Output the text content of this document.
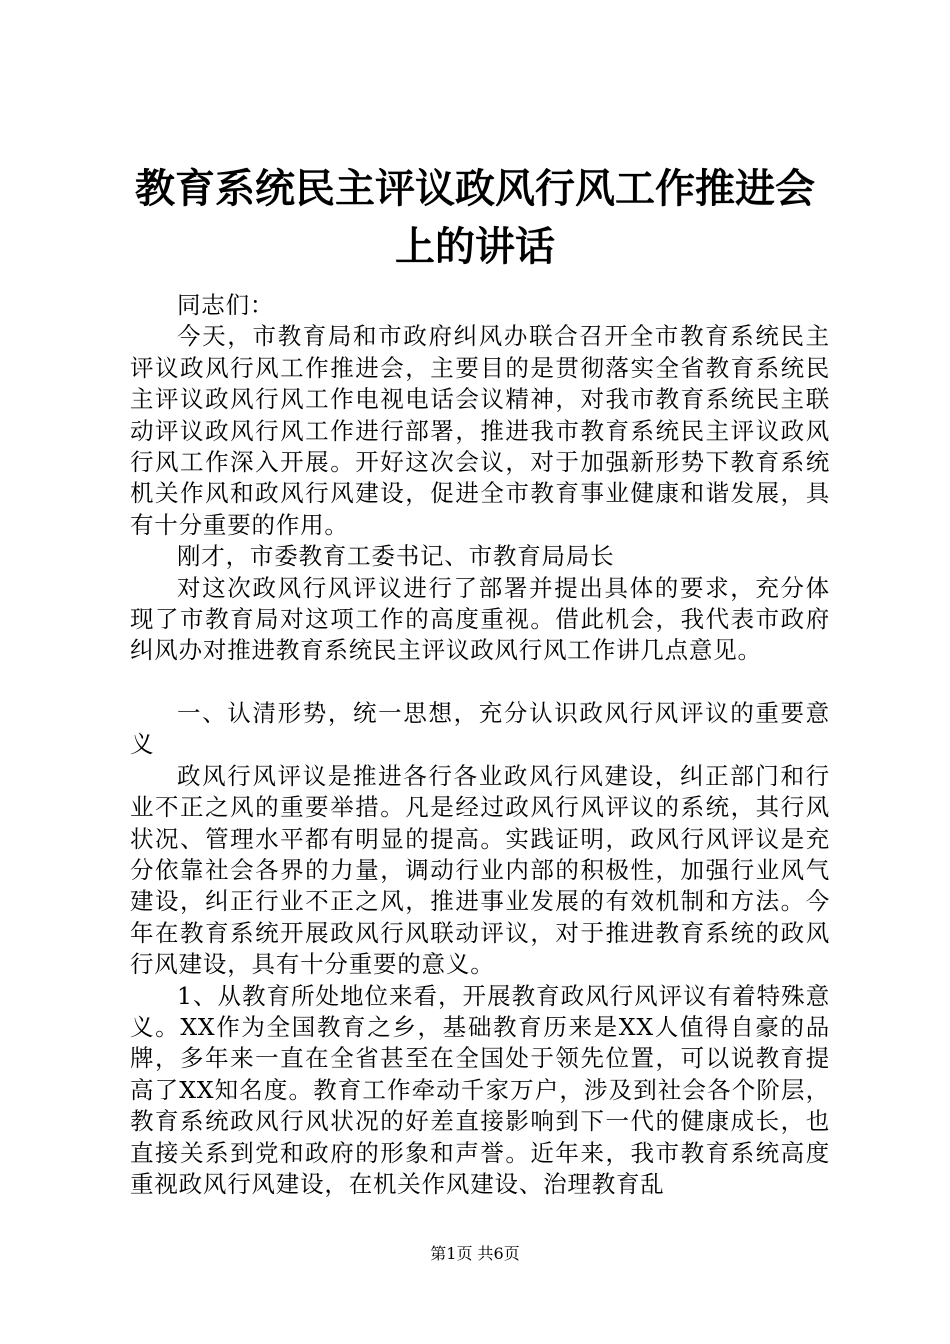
教育系统民主评议政风行风工作推进会上的讲话

同志们：

今天，市教育局和市政府纠风办联合召开全市教育系统民主评议政风行风工作推进会，主要目的是贯彻落实全省教育系统民主评议政风行风工作电视电话会议精神，对我市教育系统民主联动评议政风行风工作进行部署，推进我市教育系统民主评议政风行风工作深入开展。开好这次会议，对于加强新形势下教育系统机关作风和政风行风建设，促进全市教育事业健康和谐发展，具有十分重要的作用。

刚才，市委教育工委书记、市教育局局长

对这次政风行风评议进行了部署并提出具体的要求，充分体现了市教育局对这项工作的高度重视。借此机会，我代表市政府纠风办对推进教育系统民主评议政风行风工作讲几点意见。

一、认清形势，统一思想，充分认识政风行风评议的重要意义

政风行风评议是推进各行各业政风行风建设，纠正部门和行业不正之风的重要举措。凡是经过政风行风评议的系统，其行风状况、管理水平都有明显的提高。实践证明，政风行风评议是充分依靠社会各界的力量，调动行业内部的积极性，加强行业风气建设，纠正行业不正之风，推进事业发展的有效机制和方法。今年在教育系统开展政风行风联动评议，对于推进教育系统的政风行风建设，具有十分重要的意义。

1、从教育所处地位来看，开展教育政风行风评议有着特殊意义。XX作为全国教育之乡，基础教育历来是XX人值得自豪的品牌，多年来一直在全省甚至在全国处于领先位置，可以说教育提高了XX知名度。教育工作牵动千家万户，涉及到社会各个阶层，教育系统政风行风状况的好差直接影响到下一代的健康成长，也直接关系到党和政府的形象和声誉。近年来，我市教育系统高度重视政风行风建设，在机关作风建设、治理教育乱

第1页 共6页
